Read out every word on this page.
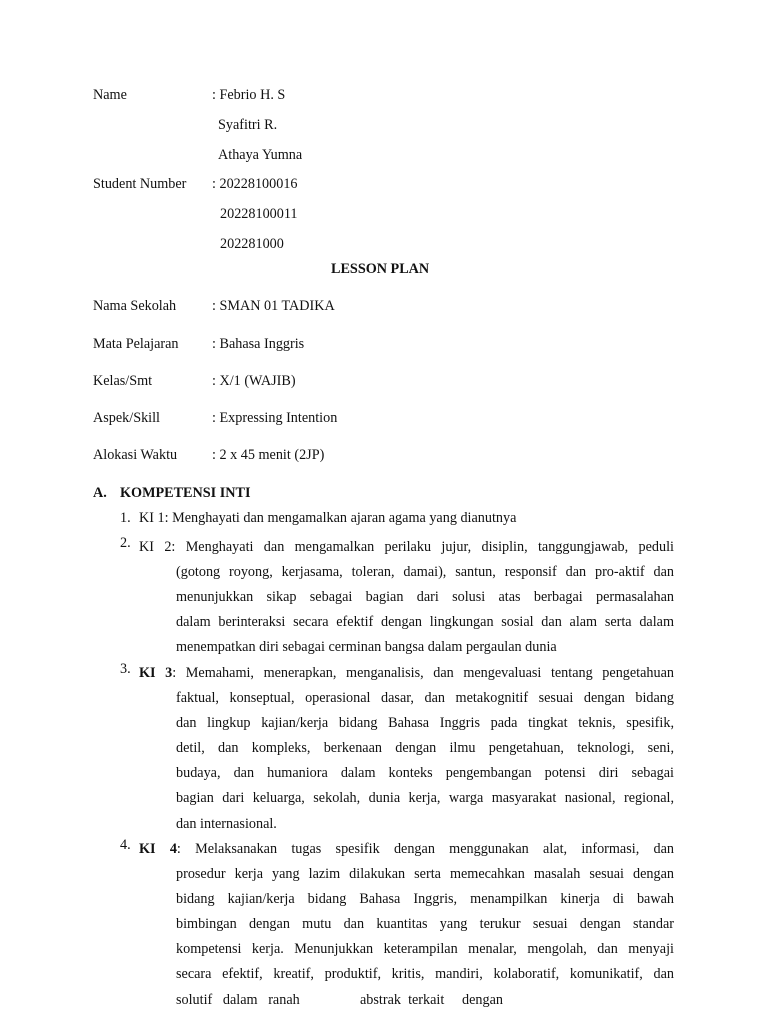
Name	: Febrio H. S
Syafitri R.
Athaya Yumna
Student Number : 20228100016
20228100011
202281000
LESSON PLAN
Nama Sekolah	: SMAN 01 TADIKA
Mata Pelajaran : Bahasa Inggris
Kelas/Smt	: X/1 (WAJIB)
Aspek/Skill	: Expressing Intention
Alokasi Waktu : 2 x 45 menit (2JP)
A. KOMPETENSI INTI
1. KI 1: Menghayati dan mengamalkan ajaran agama yang dianutnya
2. KI 2: Menghayati dan mengamalkan perilaku jujur, disiplin, tanggungjawab, peduli
(gotong royong, kerjasama, toleran, damai), santun, responsif dan pro-aktif dan
menunjukkan sikap sebagai bagian dari solusi atas berbagai permasalahan
dalam berinteraksi secara efektif dengan lingkungan sosial dan alam serta dalam
menempatkan diri sebagai cerminan bangsa dalam pergaulan dunia
3. KI 3: Memahami, menerapkan, menganalisis, dan mengevaluasi tentang pengetahuan
faktual, konseptual, operasional dasar, dan metakognitif sesuai dengan bidang
dan lingkup kajian/kerja bidang Bahasa Inggris pada tingkat teknis, spesifik,
detil, dan kompleks, berkenaan dengan ilmu pengetahuan, teknologi, seni,
budaya, dan humaniora dalam konteks pengembangan potensi diri sebagai
bagian dari keluarga, sekolah, dunia kerja, warga masyarakat nasional, regional,
dan internasional.
4. KI 4: Melaksanakan tugas spesifik dengan menggunakan alat, informasi, dan
prosedur kerja yang lazim dilakukan serta memecahkan masalah sesuai dengan
bidang kajian/kerja bidang Bahasa Inggris, menampilkan kinerja di bawah
bimbingan dengan mutu dan kuantitas yang terukur sesuai dengan standar
kompetensi kerja. Menunjukkan keterampilan menalar, mengolah, dan menyaji
secara efektif, kreatif, produktif, kritis, mandiri, kolaboratif, komunikatif, dan
solutif   dalam   ranah                 abstrak  terkait     dengan
